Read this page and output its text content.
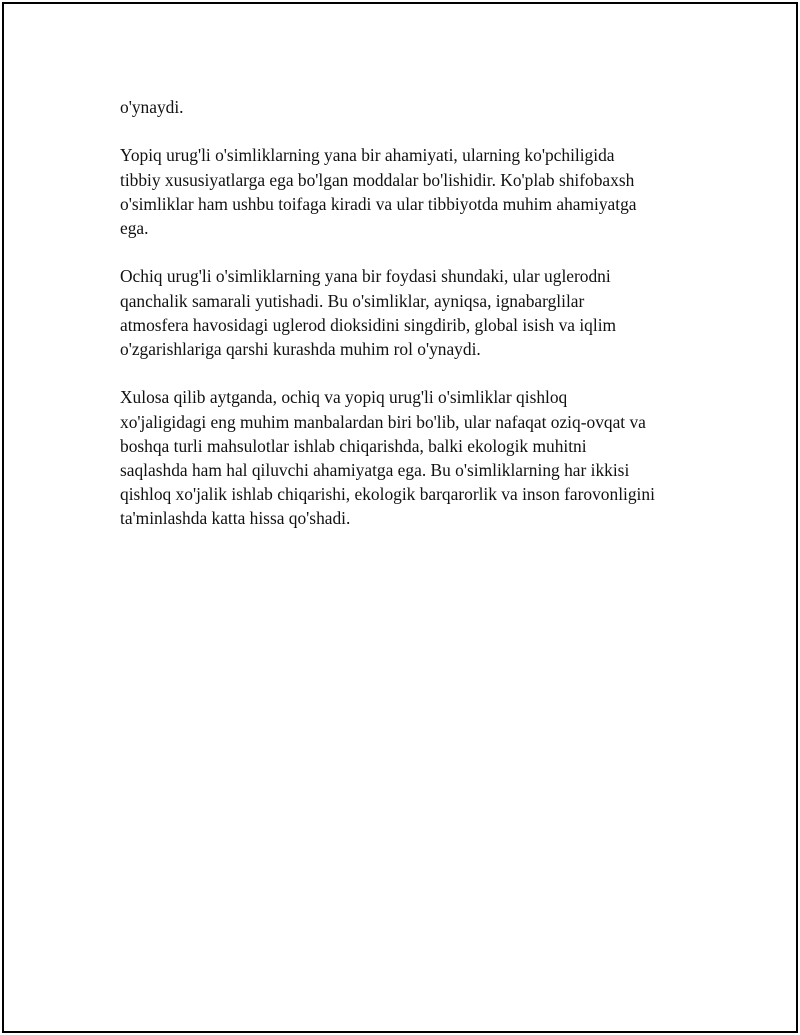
o'ynaydi.

Yopiq urug'li o'simliklarning yana bir ahamiyati, ularning ko'pchiligida
tibbiy xususiyatlarga ega bo'lgan moddalar bo'lishidir. Ko'plab shifobaxsh
o'simliklar ham ushbu toifaga kiradi va ular tibbiyotda muhim ahamiyatga
ega.

Ochiq urug'li o'simliklarning yana bir foydasi shundaki, ular uglerodni
qanchalik samarali yutishadi. Bu o'simliklar, ayniqsa, ignabarglilar
atmosfera havosidagi uglerod dioksidini singdirib, global isish va iqlim
o'zgarishlariga qarshi kurashda muhim rol o'ynaydi.

Xulosa qilib aytganda, ochiq va yopiq urug'li o'simliklar qishloq
xo'jaligidagi eng muhim manbalardan biri bo'lib, ular nafaqat oziq-ovqat va
boshqa turli mahsulotlar ishlab chiqarishda, balki ekologik muhitni
saqlashda ham hal qiluvchi ahamiyatga ega. Bu o'simliklarning har ikkisi
qishloq xo'jalik ishlab chiqarishi, ekologik barqarorlik va inson farovonligini
ta'minlashda katta hissa qo'shadi.
